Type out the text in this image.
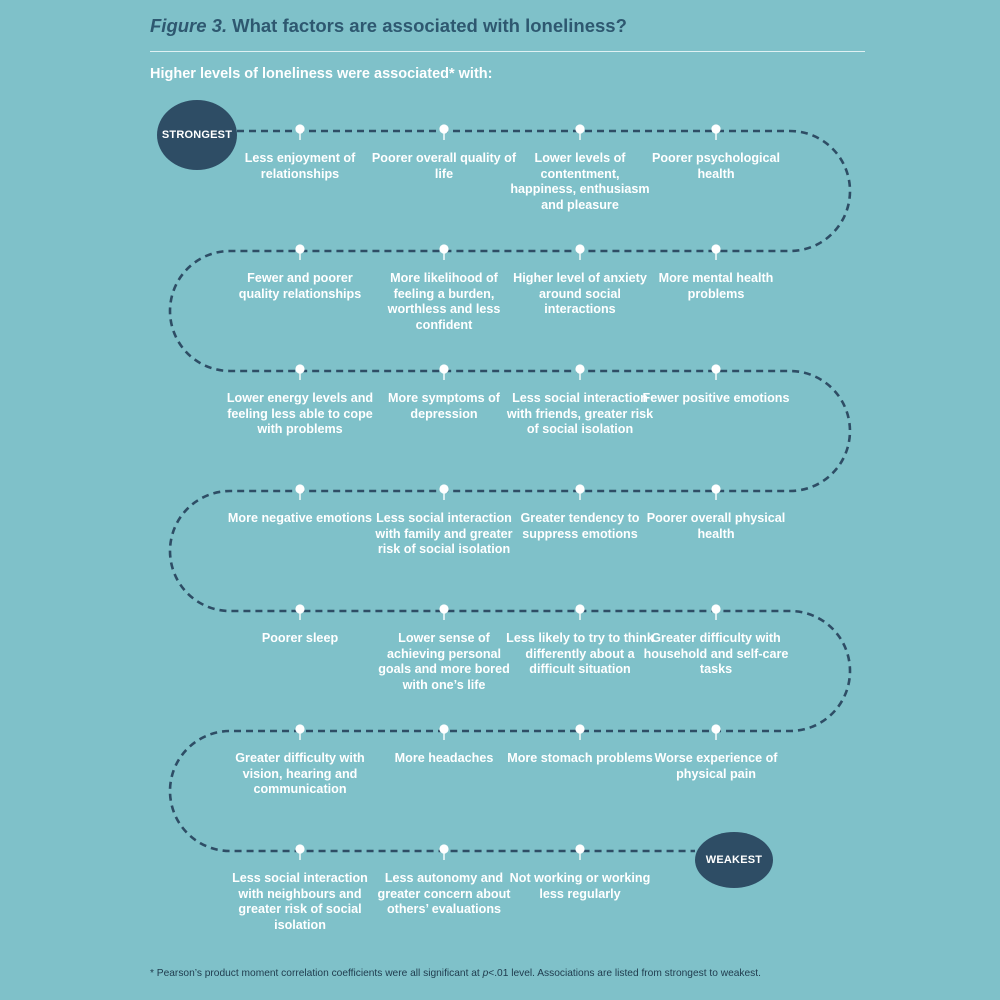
Figure 3. What factors are associated with loneliness?
Higher levels of loneliness were associated* with:
STRONGEST
WEAKEST
Less enjoyment of relationships
Poorer overall quality of life
Lower levels of contentment, happiness, enthusiasm and pleasure
Poorer psychological health
Fewer and poorer quality relationships
More likelihood of feeling a burden, worthless and less confident
Higher level of anxiety around social interactions
More mental health problems
Lower energy levels and feeling less able to cope with problems
More symptoms of depression
Less social interaction with friends, greater risk of social isolation
Fewer positive emotions
More negative emotions Less social interaction with family and greater risk of social isolation
Greater tendency to suppress emotions
Poorer overall physical health
Poorer sleep	Lower sense of achieving personal goals and more bored with one’s life
Less likely to try to think differently about a difficult situation
Greater difficulty with household and self-care tasks
Greater difficulty with vision, hearing and communication
More headaches	More stomach problems Worse experience of physical pain
Less social interaction with neighbours and greater risk of social isolation
Less autonomy and greater concern about others’ evaluations
Not working or working less regularly
* Pearson’s product moment correlation coefficients were all significant at p<.01 level. Associations are listed from strongest to weakest.
